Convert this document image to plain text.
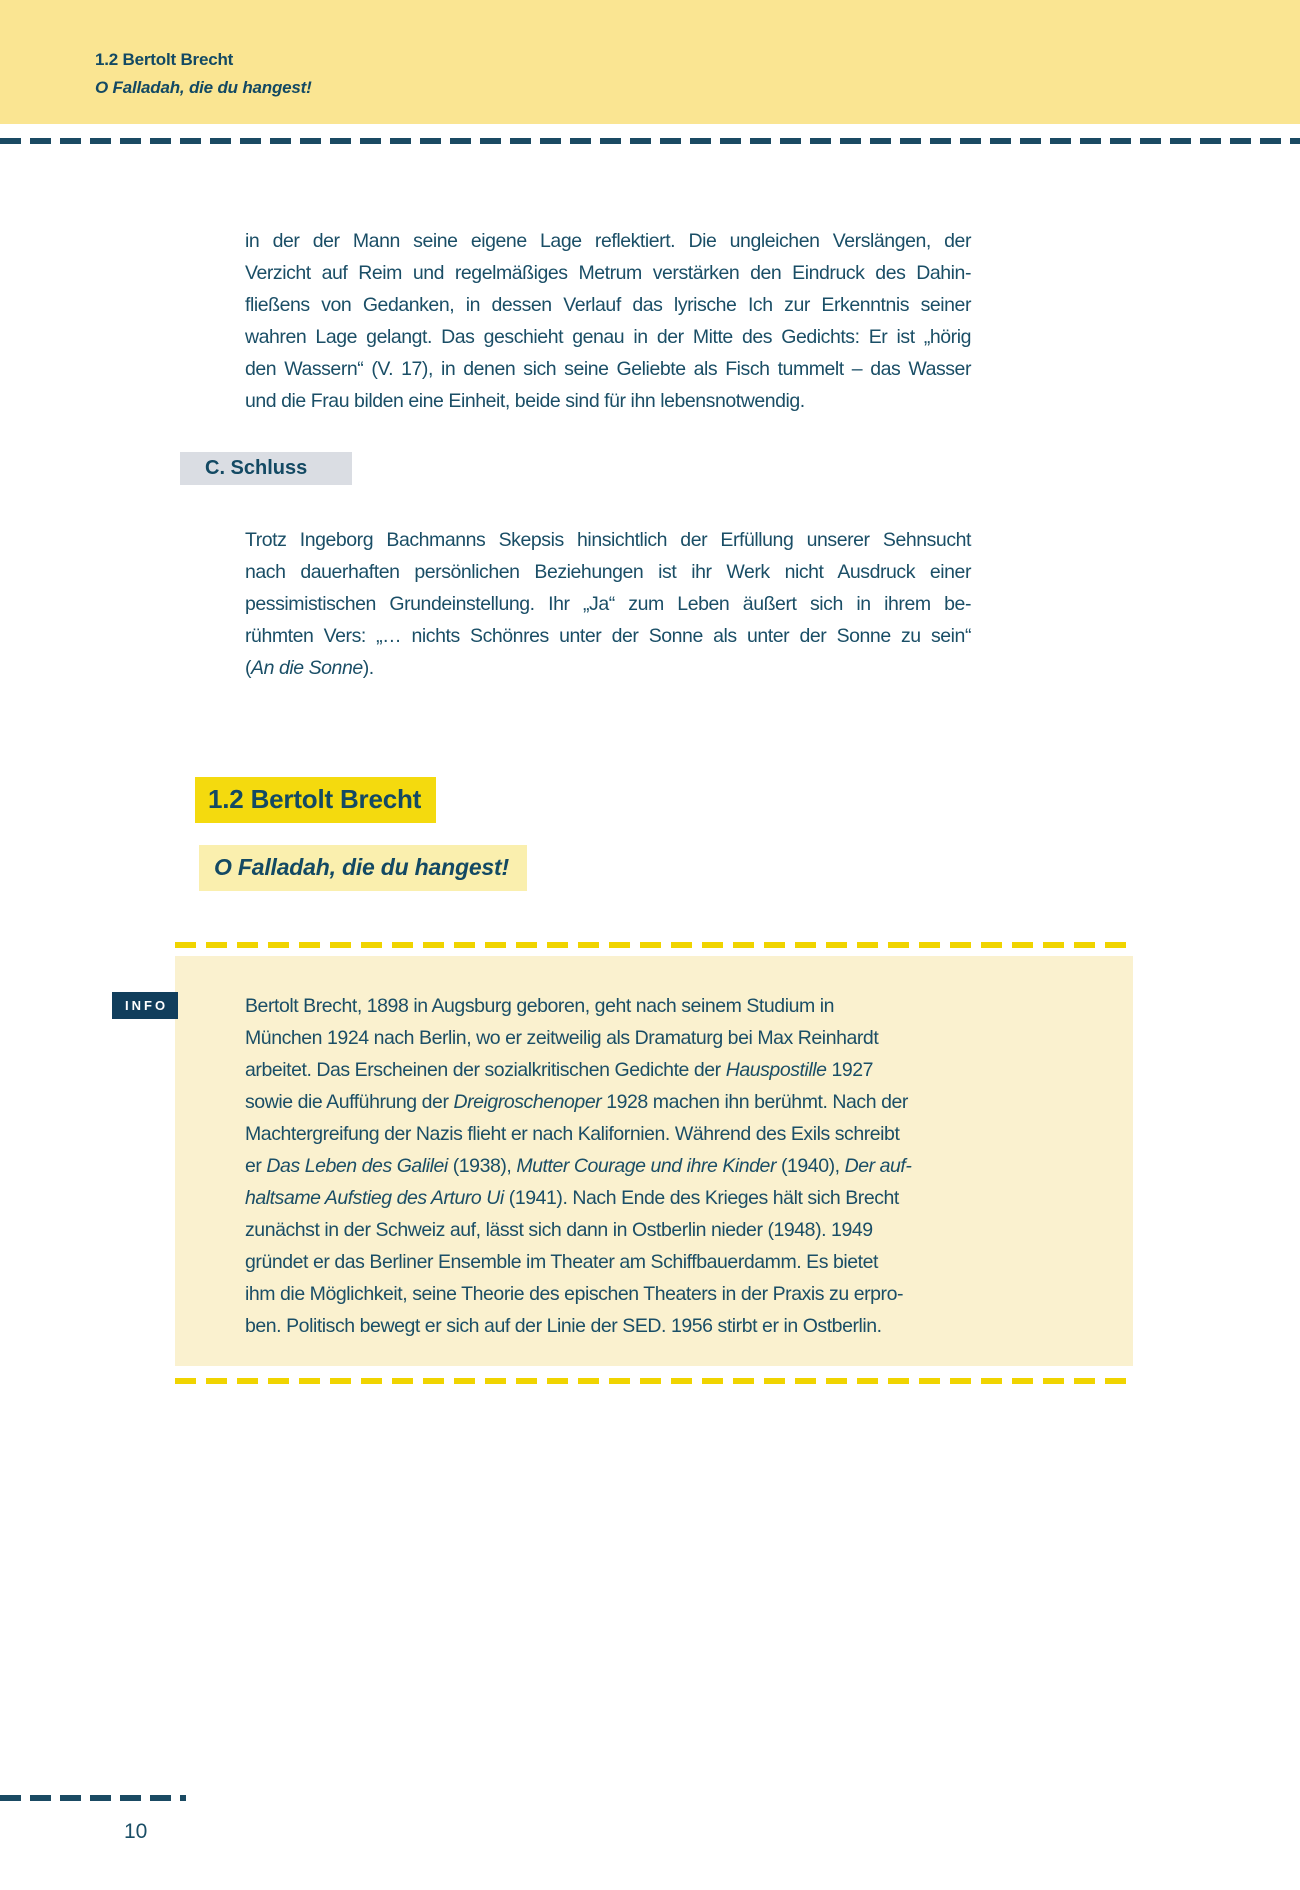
1.2 Bertolt Brecht
O Falladah, die du hangest!
in der der Mann seine eigene Lage reflektiert. Die ungleichen Verslängen, der
Verzicht auf Reim und regelmäßiges Metrum verstärken den Eindruck des Dahin-
fließens von Gedanken, in dessen Verlauf das lyrische Ich zur Erkenntnis seiner
wahren Lage gelangt. Das geschieht genau in der Mitte des Gedichts: Er ist „hörig
den Wassern“ (V. 17), in denen sich seine Geliebte als Fisch tummelt – das Wasser
und die Frau bilden eine Einheit, beide sind für ihn lebensnotwendig.
C. Schluss
Trotz Ingeborg Bachmanns Skepsis hinsichtlich der Erfüllung unserer Sehnsucht
nach dauerhaften persönlichen Beziehungen ist ihr Werk nicht Ausdruck einer
pessimistischen Grundeinstellung. Ihr „Ja“ zum Leben äußert sich in ihrem be-
rühmten Vers: „… nichts Schönres unter der Sonne als unter der Sonne zu sein“
(An die Sonne).
1.2 Bertolt Brecht
O Falladah, die du hangest!
INFO	Bertolt Brecht, 1898 in Augsburg geboren, geht nach seinem Studium in
München 1924 nach Berlin, wo er zeitweilig als Dramaturg bei Max Reinhardt
arbeitet. Das Erscheinen der sozialkritischen Gedichte der Hauspostille 1927
sowie die Aufführung der Dreigroschenoper 1928 machen ihn berühmt. Nach der
Machtergreifung der Nazis flieht er nach Kalifornien. Während des Exils schreibt
er Das Leben des Galilei (1938), Mutter Courage und ihre Kinder (1940), Der auf-
haltsame Aufstieg des Arturo Ui (1941). Nach Ende des Krieges hält sich Brecht
zunächst in der Schweiz auf, lässt sich dann in Ostberlin nieder (1948). 1949
gründet er das Berliner Ensemble im Theater am Schiffbauerdamm. Es bietet
ihm die Möglichkeit, seine Theorie des epischen Theaters in der Praxis zu erpro-
ben. Politisch bewegt er sich auf der Linie der SED. 1956 stirbt er in Ostberlin.
10
